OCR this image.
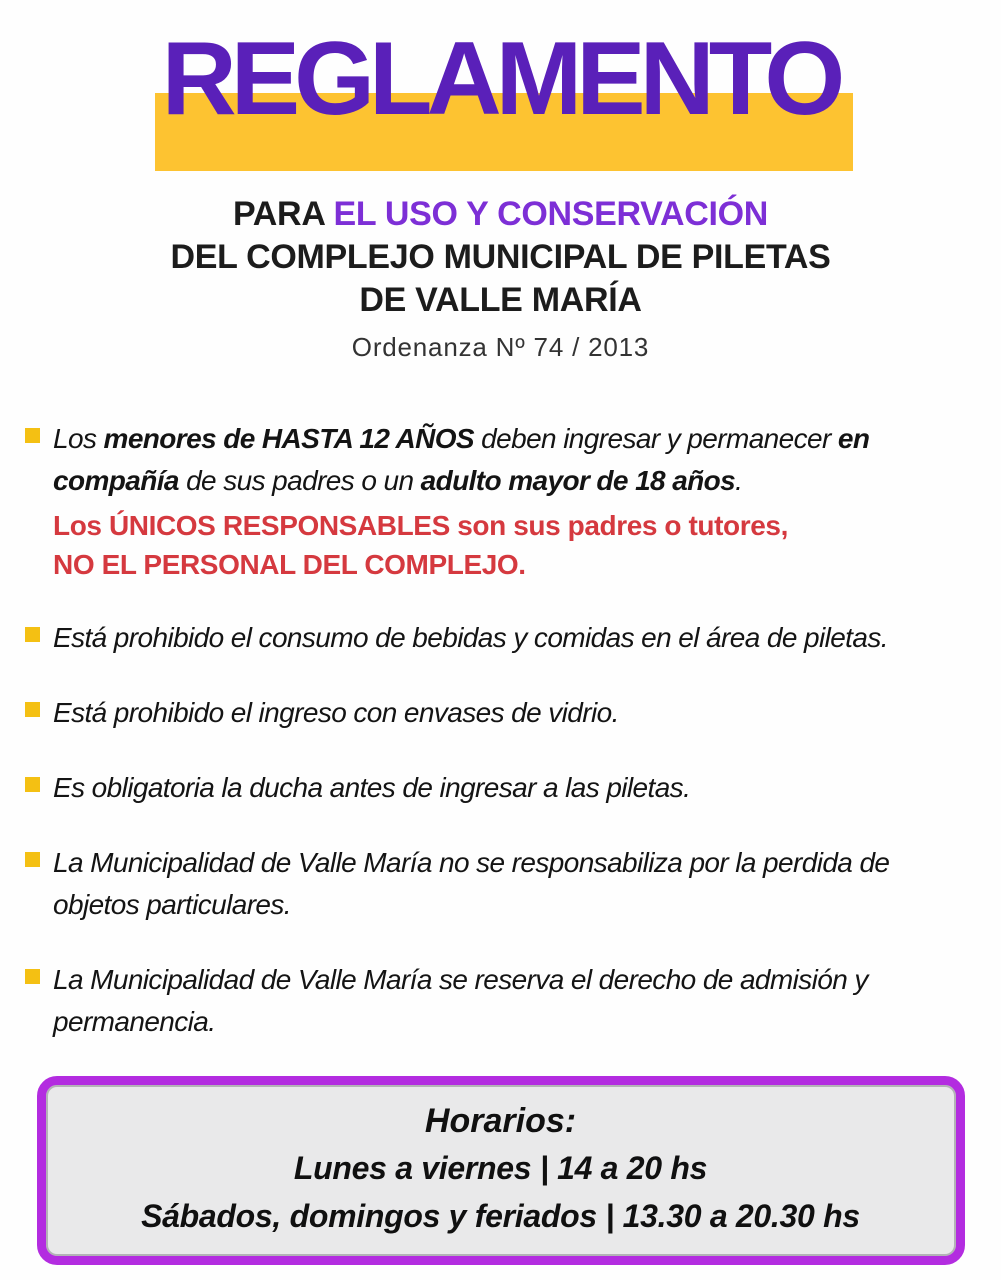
REGLAMENTO
PARA EL USO Y CONSERVACIÓN
DEL COMPLEJO MUNICIPAL DE PILETAS
DE VALLE MARÍA
Ordenanza Nº 74 / 2013
Los menores de HASTA 12 AÑOS deben ingresar y permanecer en compañía de sus padres o un adulto mayor de 18 años.
Los ÚNICOS RESPONSABLES son sus padres o tutores,
NO EL PERSONAL DEL COMPLEJO.
Está prohibido el consumo de bebidas y comidas en el área de piletas.
Está prohibido el ingreso con envases de vidrio.
Es obligatoria la ducha antes de ingresar a las piletas.
La Municipalidad de Valle María no se responsabiliza por la perdida de objetos particulares.
La Municipalidad de Valle María se reserva el derecho de admisión y permanencia.
Horarios:
Lunes a viernes | 14 a 20 hs
Sábados, domingos y feriados | 13.30 a 20.30 hs
